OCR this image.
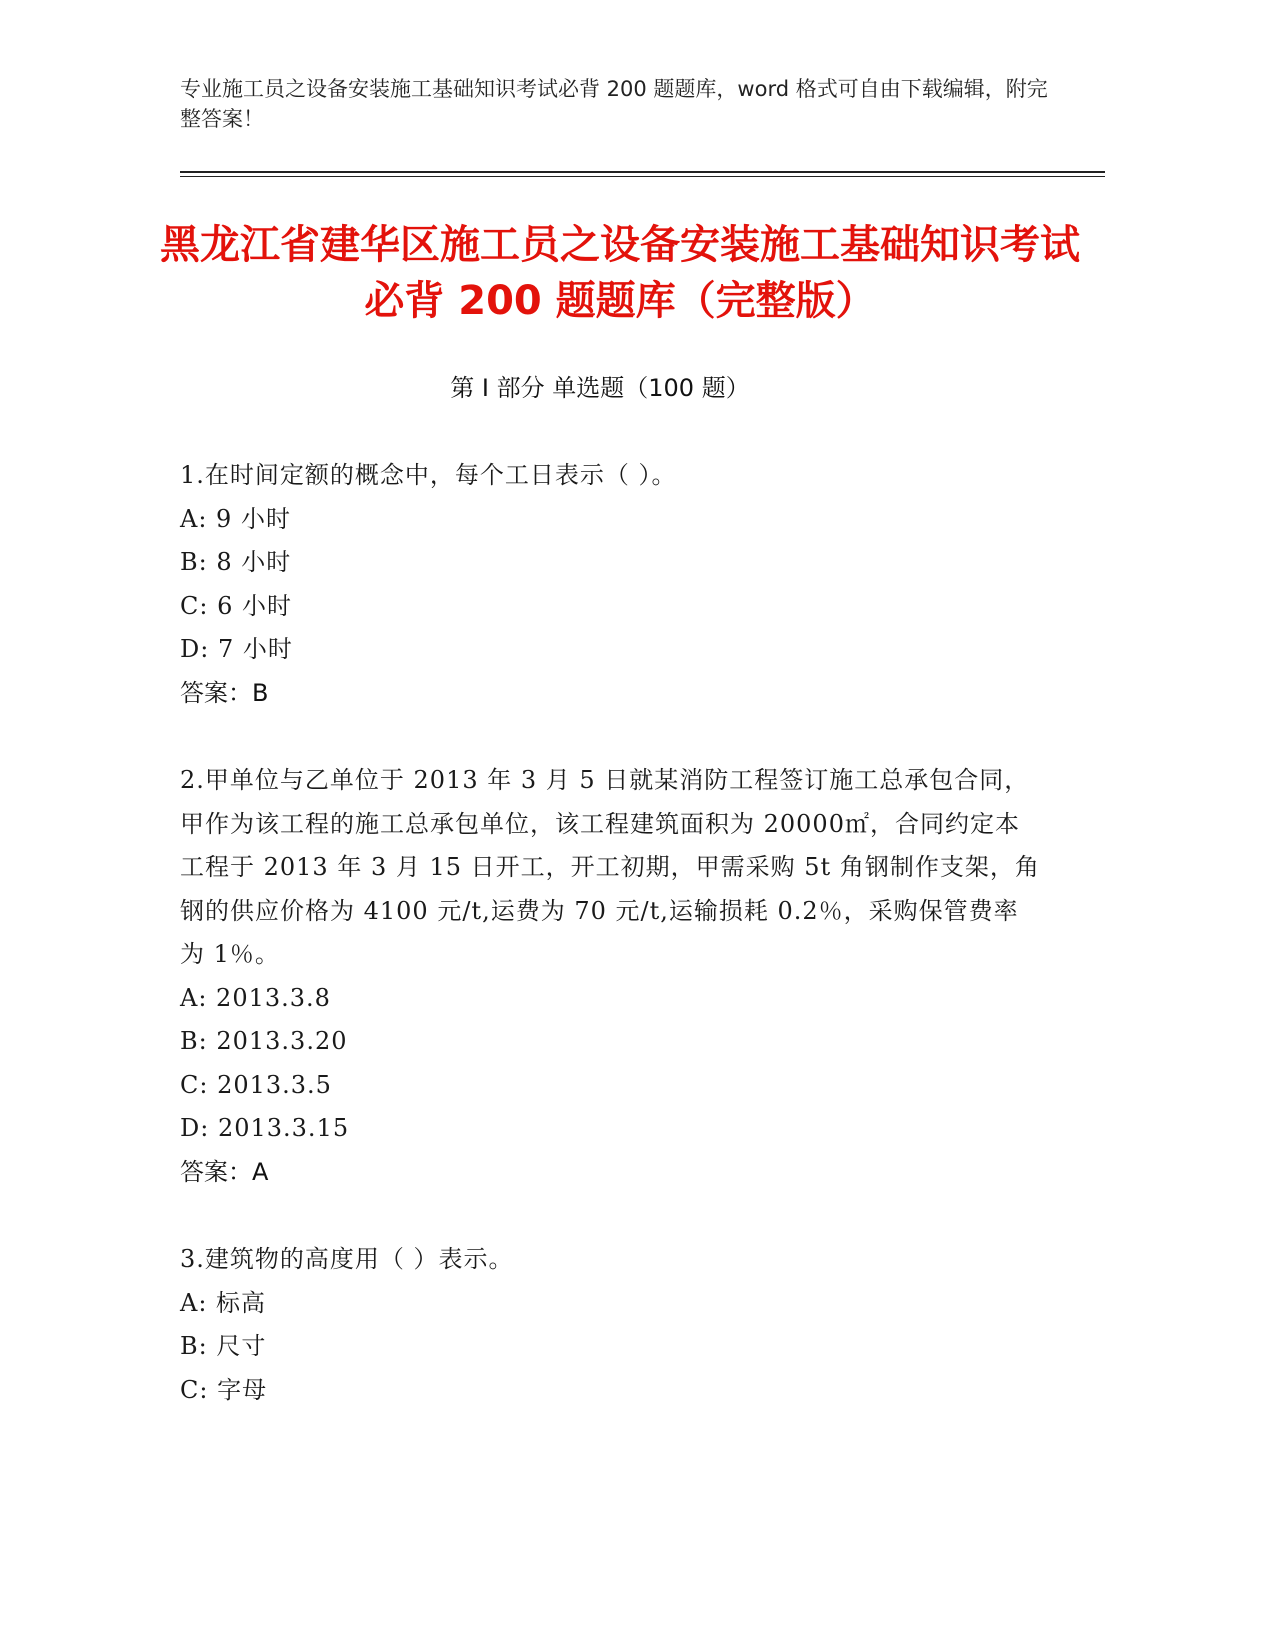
专业施工员之设备安装施工基础知识考试必背 200 题题库，word 格式可自由下载编辑，附完整答案！
黑龙江省建华区施工员之设备安装施工基础知识考试必背 200 题题库（完整版）
第 I 部分 单选题（100 题）
1.在时间定额的概念中，每个工日表示（ ）。
A: 9 小时
B: 8 小时
C: 6 小时
D: 7 小时
答案：B
2.甲单位与乙单位于 2013 年 3 月 5 日就某消防工程签订施工总承包合同，甲作为该工程的施工总承包单位，该工程建筑面积为 20000㎡，合同约定本工程于 2013 年 3 月 15 日开工，开工初期，甲需采购 5t 角钢制作支架，角钢的供应价格为 4100 元/t,运费为 70 元/t,运输损耗 0.2％，采购保管费率为 1％。
A: 2013.3.8
B: 2013.3.20
C: 2013.3.5
D: 2013.3.15
答案：A
3.建筑物的高度用（ ）表示。
A: 标高
B: 尺寸
C: 字母
